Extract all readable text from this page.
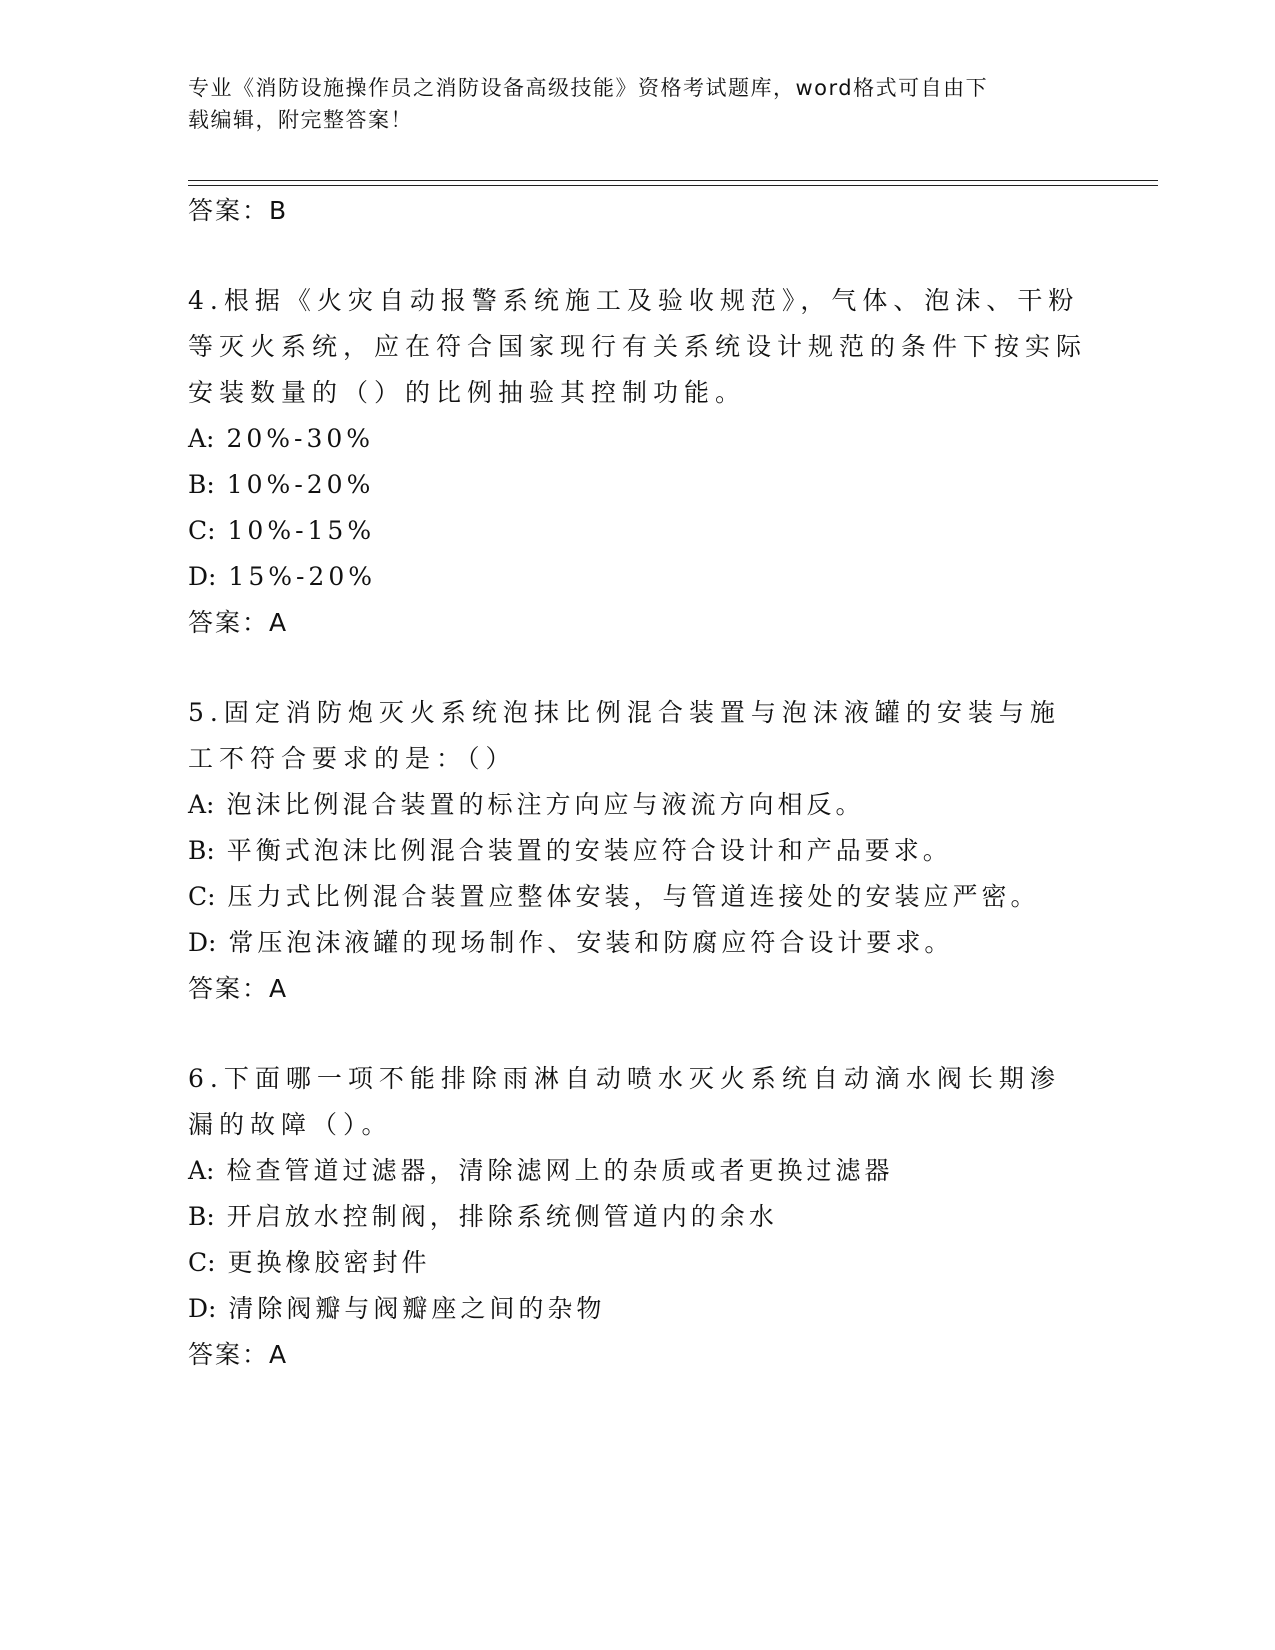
专业《消防设施操作员之消防设备高级技能》资格考试题库，word格式可自由下
载编辑，附完整答案！

答案：B

4.根据《火灾自动报警系统施工及验收规范》，气体、泡沫、干粉等灭火系统，应在符合国家现行有关系统设计规范的条件下按实际安装数量的（）的比例抽验其控制功能。

A: 20%-30%

B: 10%-20%

C: 10%-15%

D: 15%-20%

答案：A

5.固定消防炮灭火系统泡抹比例混合装置与泡沫液罐的安装与施工不符合要求的是：（）

A: 泡沫比例混合装置的标注方向应与液流方向相反。

B: 平衡式泡沫比例混合装置的安装应符合设计和产品要求。

C: 压力式比例混合装置应整体安装，与管道连接处的安装应严密。

D: 常压泡沫液罐的现场制作、安装和防腐应符合设计要求。

答案：A

6.下面哪一项不能排除雨淋自动喷水灭火系统自动滴水阀长期渗漏的故障（）。

A: 检查管道过滤器，清除滤网上的杂质或者更换过滤器

B: 开启放水控制阀，排除系统侧管道内的余水

C: 更换橡胶密封件

D: 清除阀瓣与阀瓣座之间的杂物

答案：A
